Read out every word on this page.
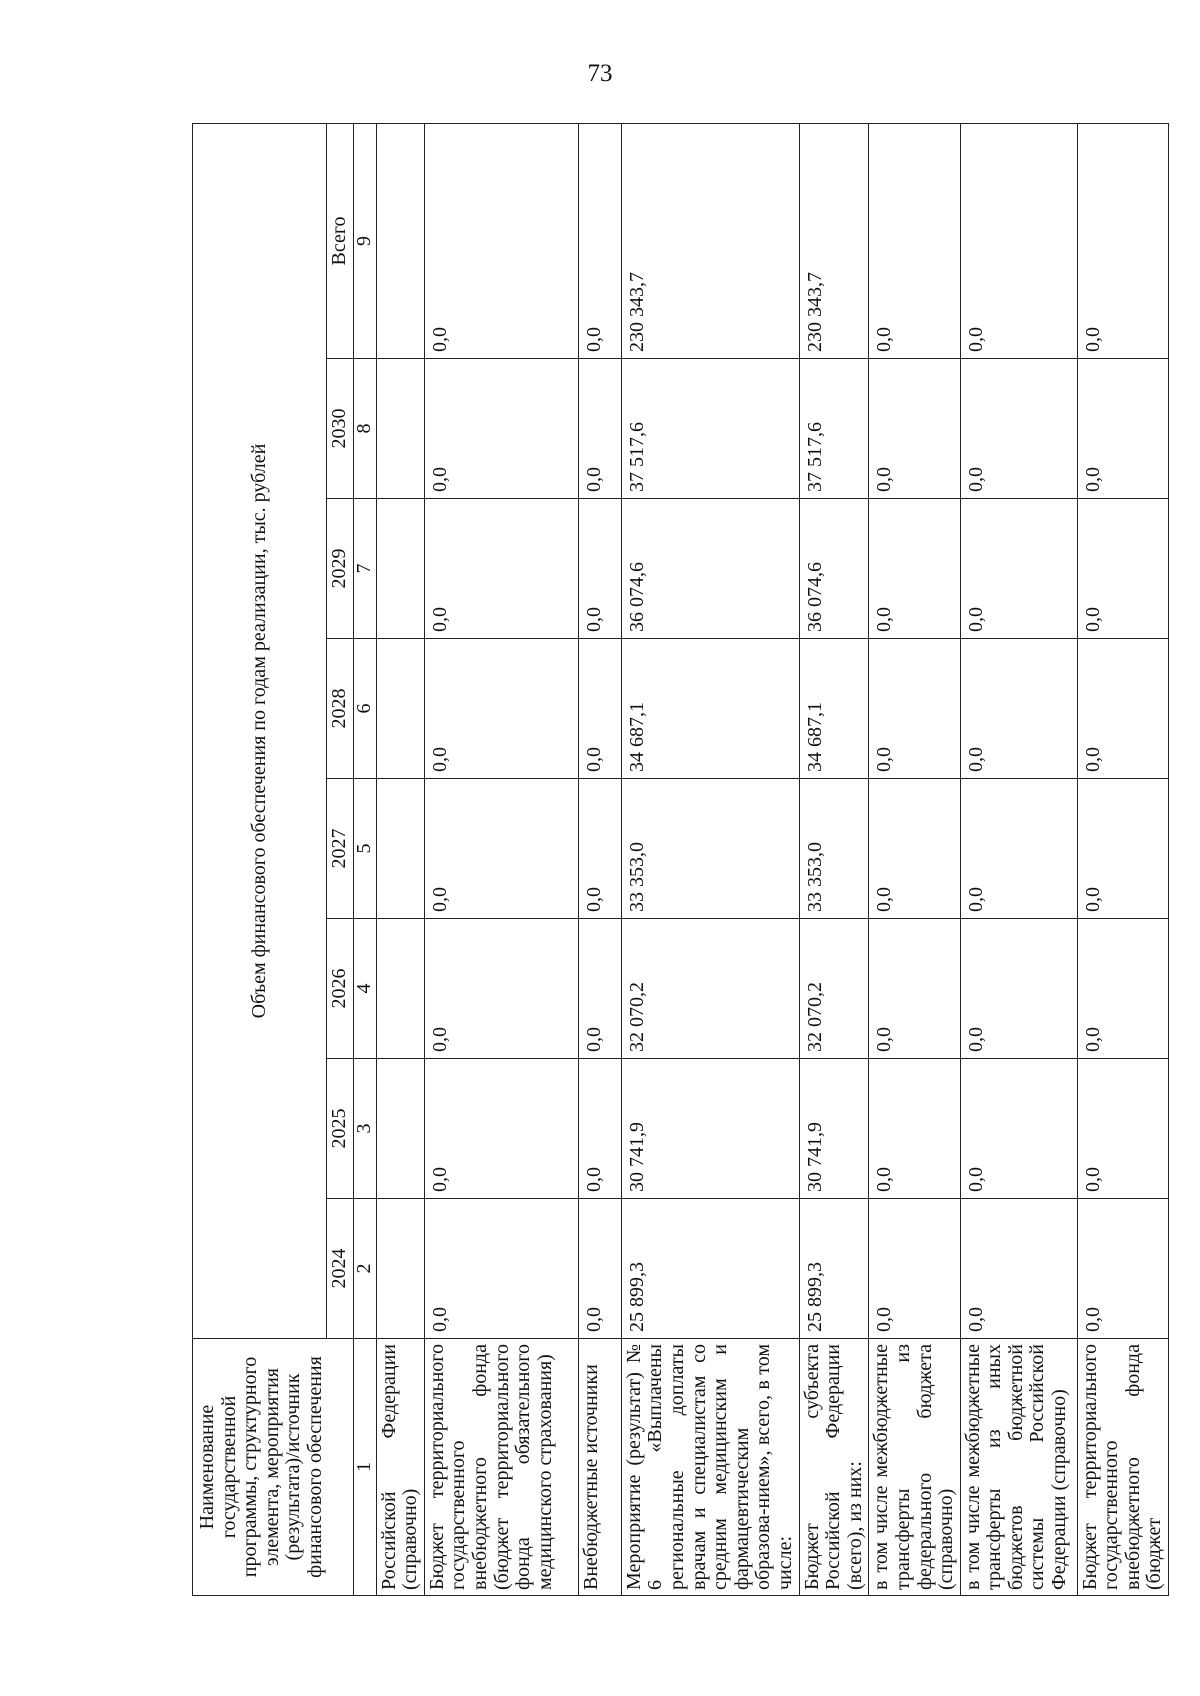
73
Наименование государственной программы, структурного элемента, мероприятия (результата)/источник финансового обеспечения	Объем финансового обеспечения по годам реализации, тыс. рублей							
	2024	2025	2026	2027	2028	2029	2030	Всего
1	2	3	4	5	6	7	8	9
Российской Федерации (справочно)								
Бюджет территориального государственного внебюджетного фонда (бюджет территориального фонда обязательного медицинского страхования)	0,0	0,0	0,0	0,0	0,0	0,0	0,0	0,0
Внебюджетные источники	0,0	0,0	0,0	0,0	0,0	0,0	0,0	0,0
Мероприятие (результат) № 6 «Выплачены региональные доплаты врачам и специалистам со средним медицинским и фармацевтическим образова-нием», всего, в том числе:	25 899,3	30 741,9	32 070,2	33 353,0	34 687,1	36 074,6	37 517,6	230 343,7
Бюджет субъекта Российской Федерации (всего), из них:	25 899,3	30 741,9	32 070,2	33 353,0	34 687,1	36 074,6	37 517,6	230 343,7
в том числе межбюджетные трансферты из федерального бюджета (справочно)	0,0	0,0	0,0	0,0	0,0	0,0	0,0	0,0
в том числе межбюджетные трансферты из иных бюджетов бюджетной системы Российской Федерации (справочно)	0,0	0,0	0,0	0,0	0,0	0,0	0,0	0,0
Бюджет территориального государственного внебюджетного фонда (бюджет	0,0	0,0	0,0	0,0	0,0	0,0	0,0	0,0
